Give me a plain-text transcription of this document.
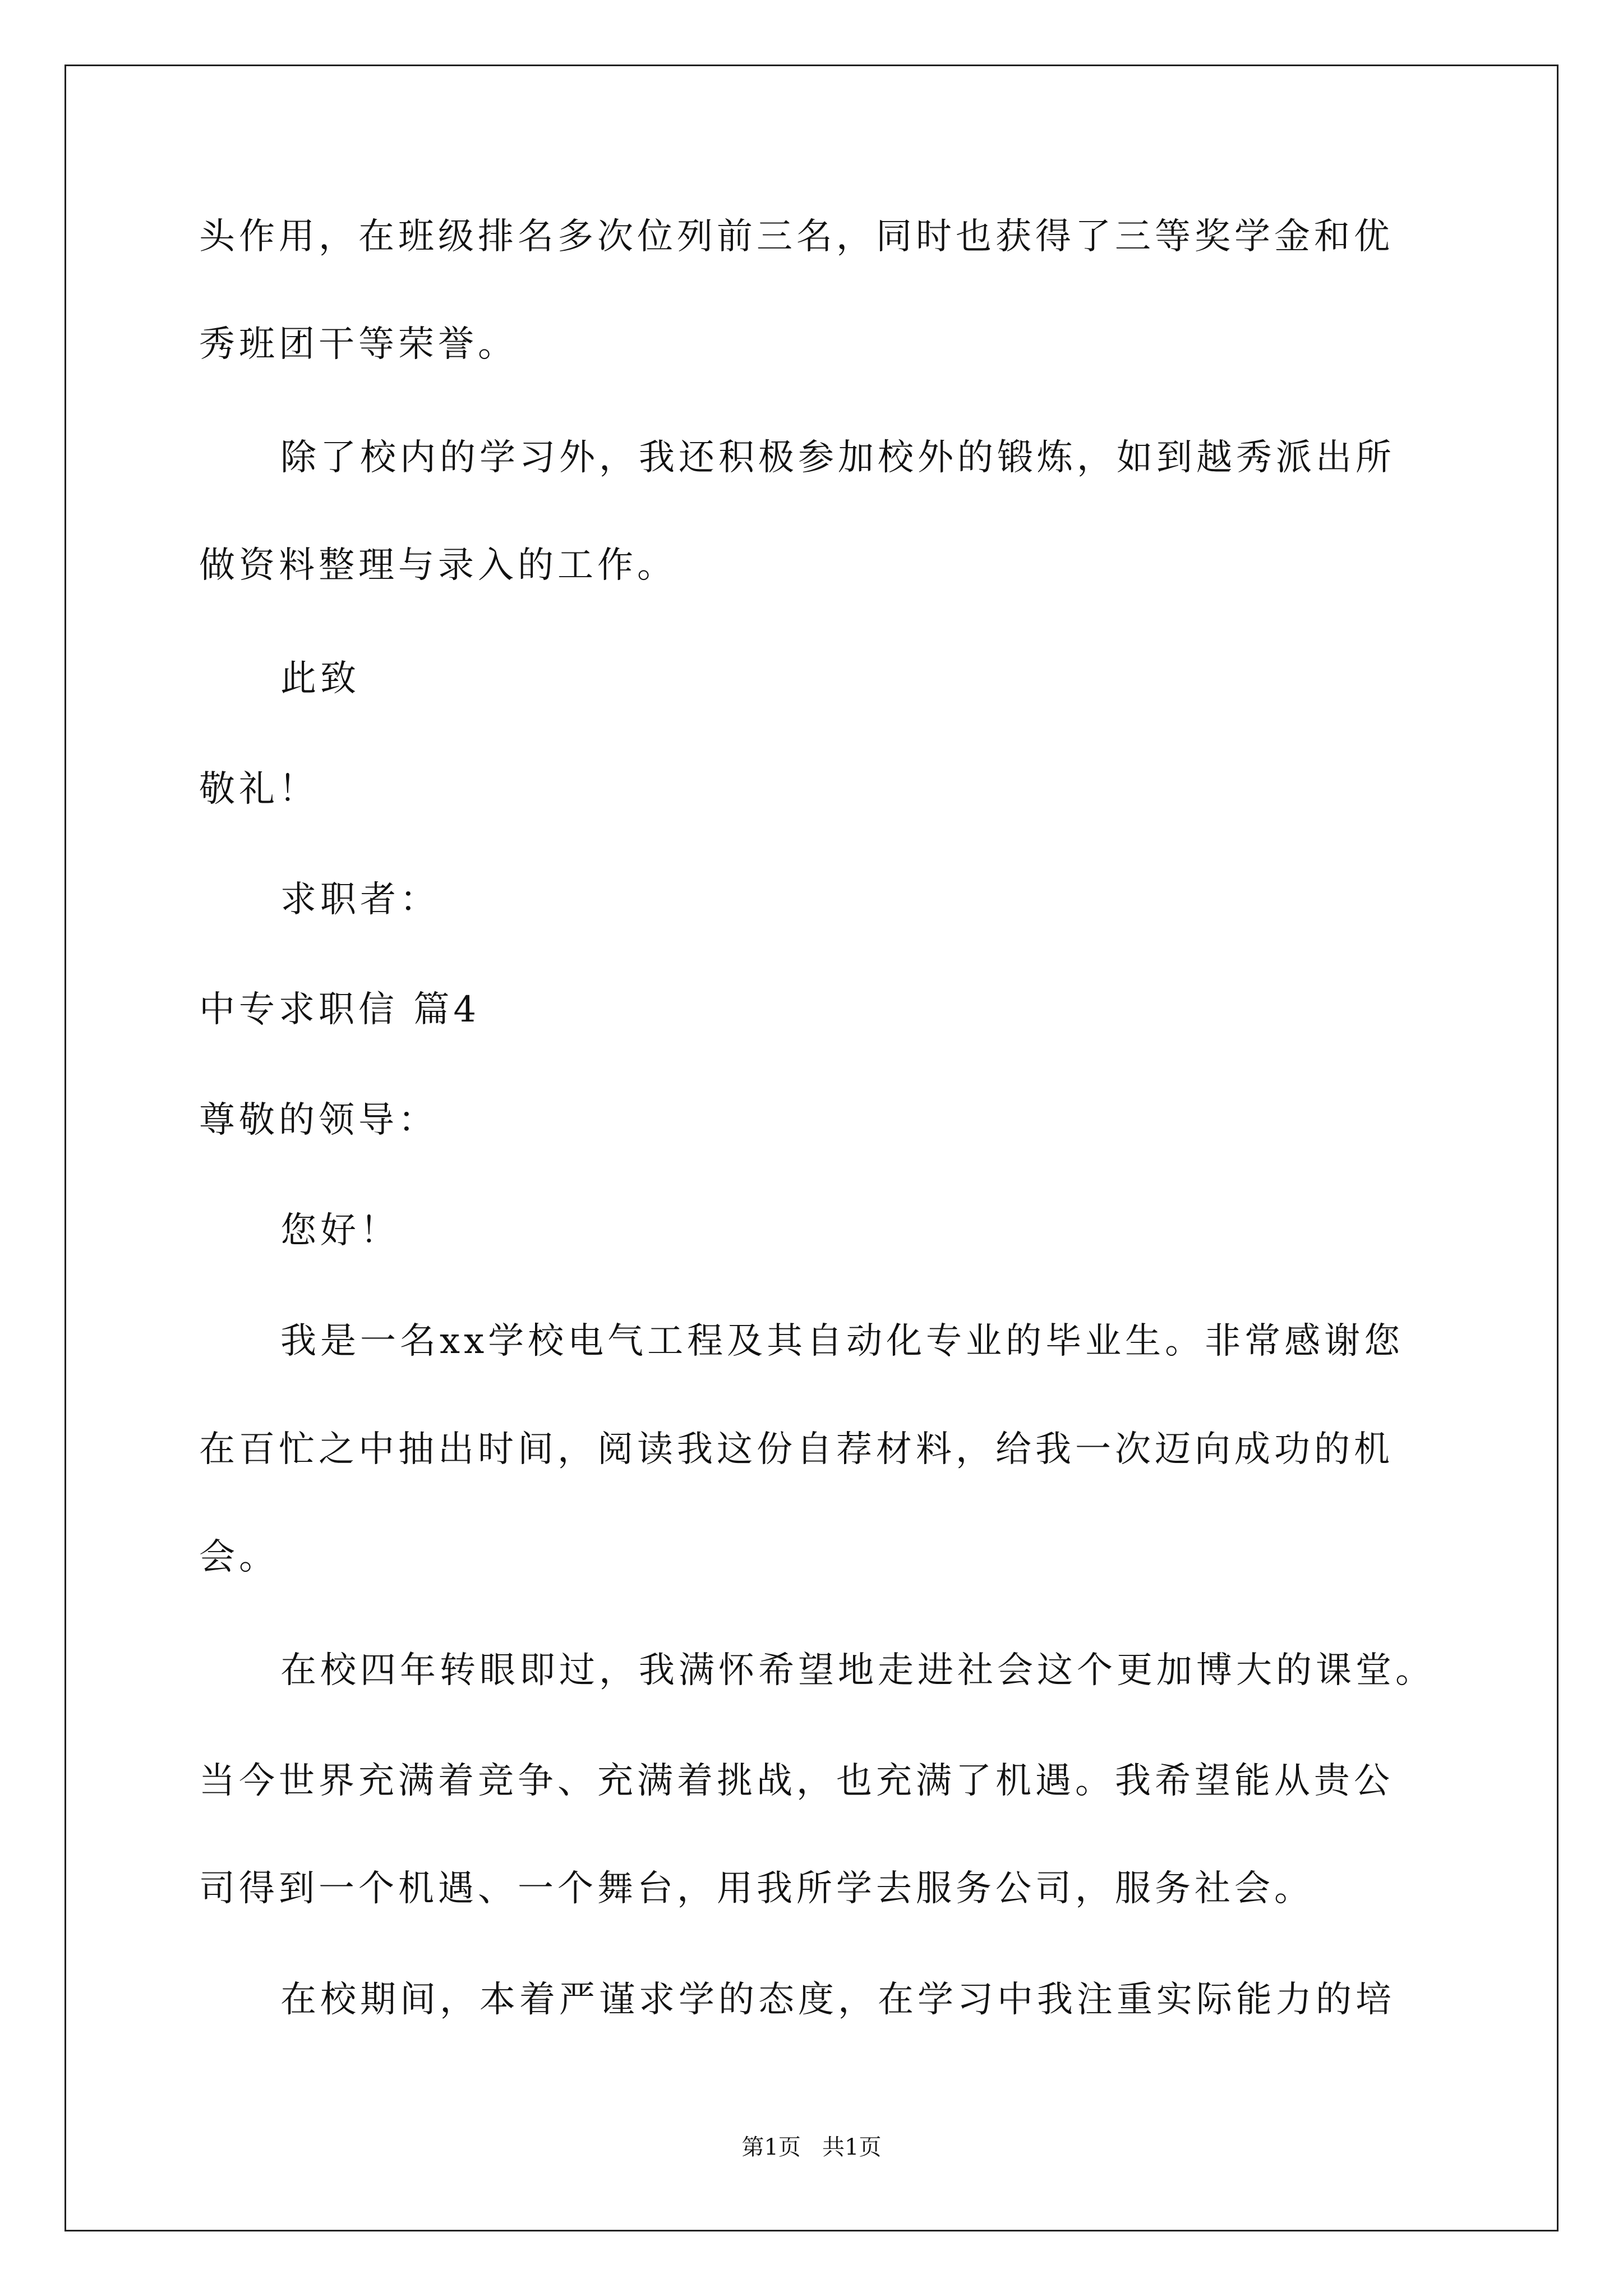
头作用，在班级排名多次位列前三名，同时也获得了三等奖学金和优
秀班团干等荣誉。
除了校内的学习外，我还积极参加校外的锻炼，如到越秀派出所
做资料整理与录入的工作。
此致
敬礼！
求职者：
中专求职信 篇4
尊敬的领导：
您好！
我是一名xx学校电气工程及其自动化专业的毕业生。非常感谢您
在百忙之中抽出时间，阅读我这份自荐材料，给我一次迈向成功的机
会。
在校四年转眼即过，我满怀希望地走进社会这个更加博大的课堂。
当今世界充满着竞争、充满着挑战，也充满了机遇。我希望能从贵公
司得到一个机遇、一个舞台，用我所学去服务公司，服务社会。
在校期间，本着严谨求学的态度，在学习中我注重实际能力的培
第1页   共1页
